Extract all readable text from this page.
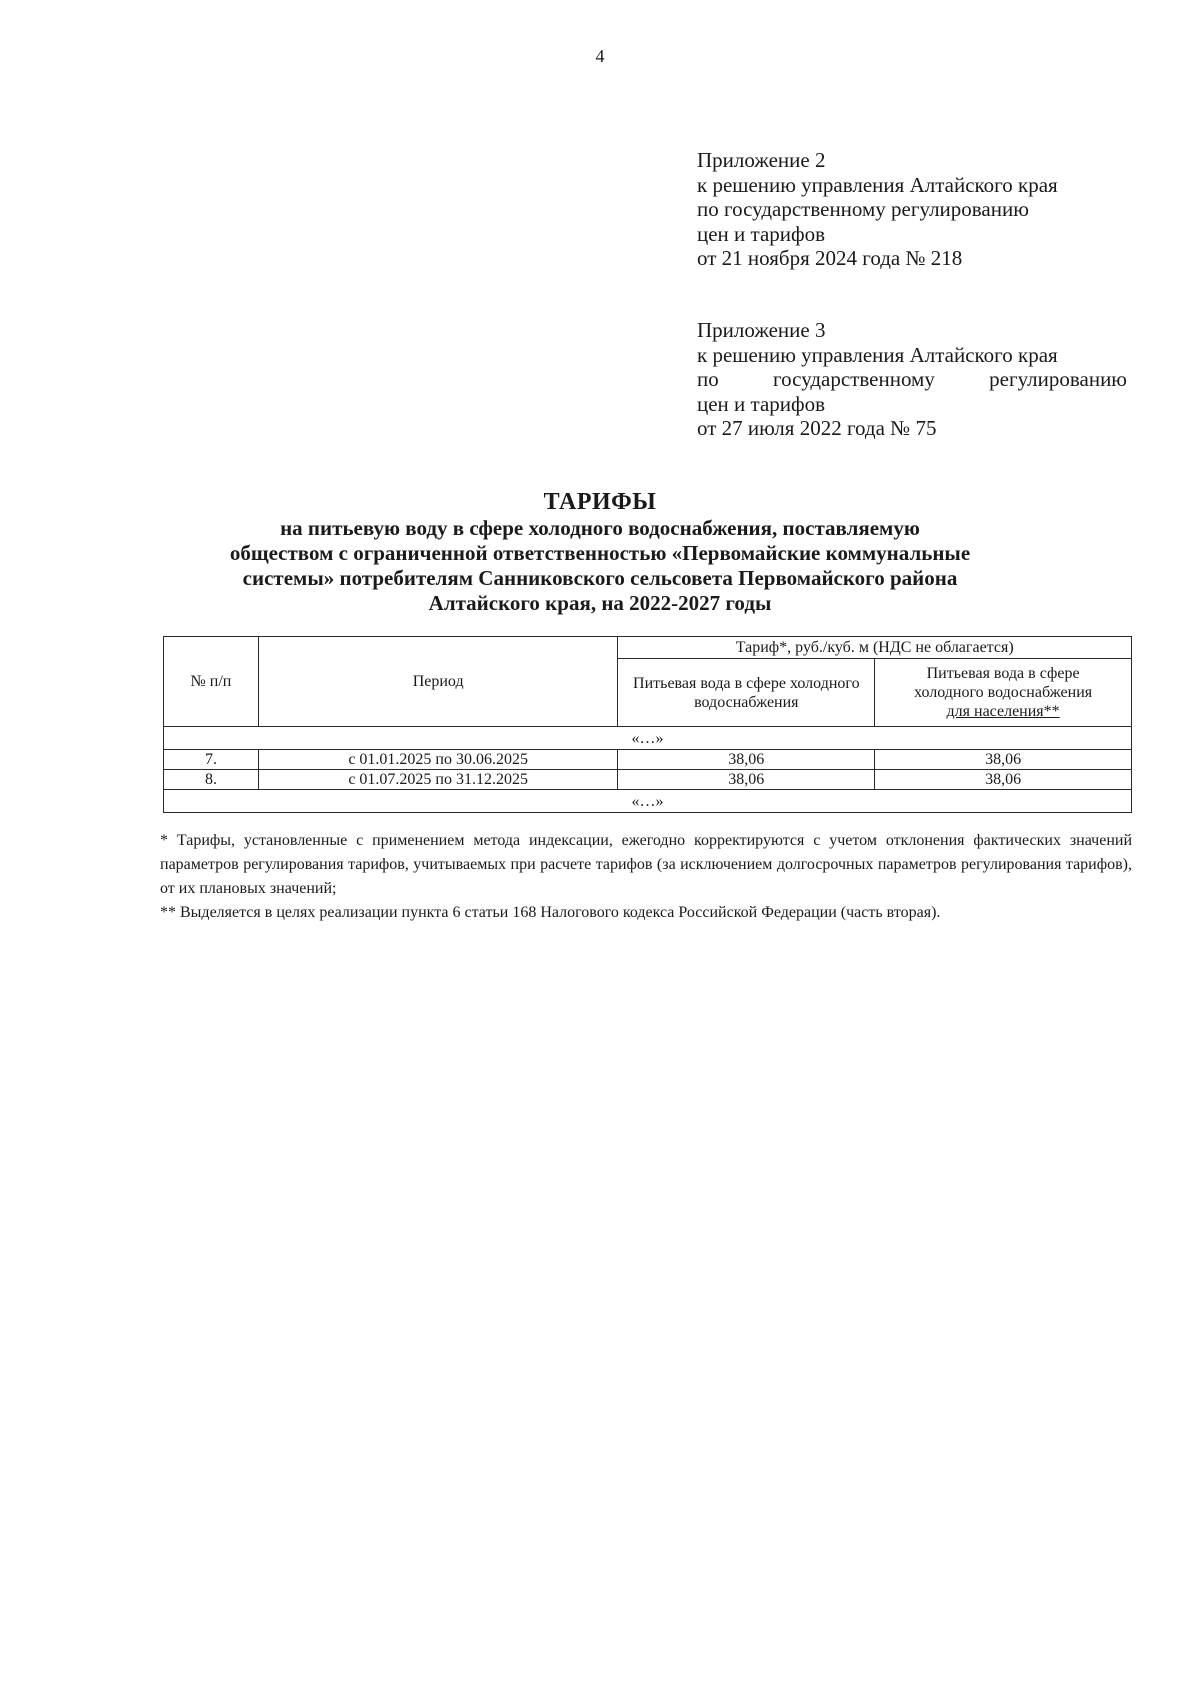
4
Приложение 2
к решению управления Алтайского края
по государственному регулированию
цен и тарифов
от 21 ноября 2024 года № 218
Приложение 3
к решению управления Алтайского края
по	государственному	регулированию
цен и тарифов
от 27 июля 2022 года № 75
ТАРИФЫ
на питьевую воду в сфере холодного водоснабжения, поставляемую
обществом с ограниченной ответственностью «Первомайские коммунальные
системы» потребителям Санниковского сельсовета Первомайского района
Алтайского края, на 2022-2027 годы
№ п/п	Период	Тариф*, руб./куб. м (НДС не облагается)	
		Питьевая вода в сфере холодного водоснабжения	Питьевая вода в сфере
холодного водоснабжения
для населения**

«…»			
7.	с 01.01.2025 по 30.06.2025	38,06	38,06
8.	с 01.07.2025 по 31.12.2025	38,06	38,06
«…»			

* Тарифы, установленные с применением метода индексации, ежегодно корректируются с учетом отклонения фактических значений параметров регулирования тарифов, учитываемых при расчете тарифов (за исключением долгосрочных параметров регулирования тарифов), от их плановых значений;

** Выделяется в целях реализации пункта 6 статьи 168 Налогового кодекса Российской Федерации (часть вторая).
